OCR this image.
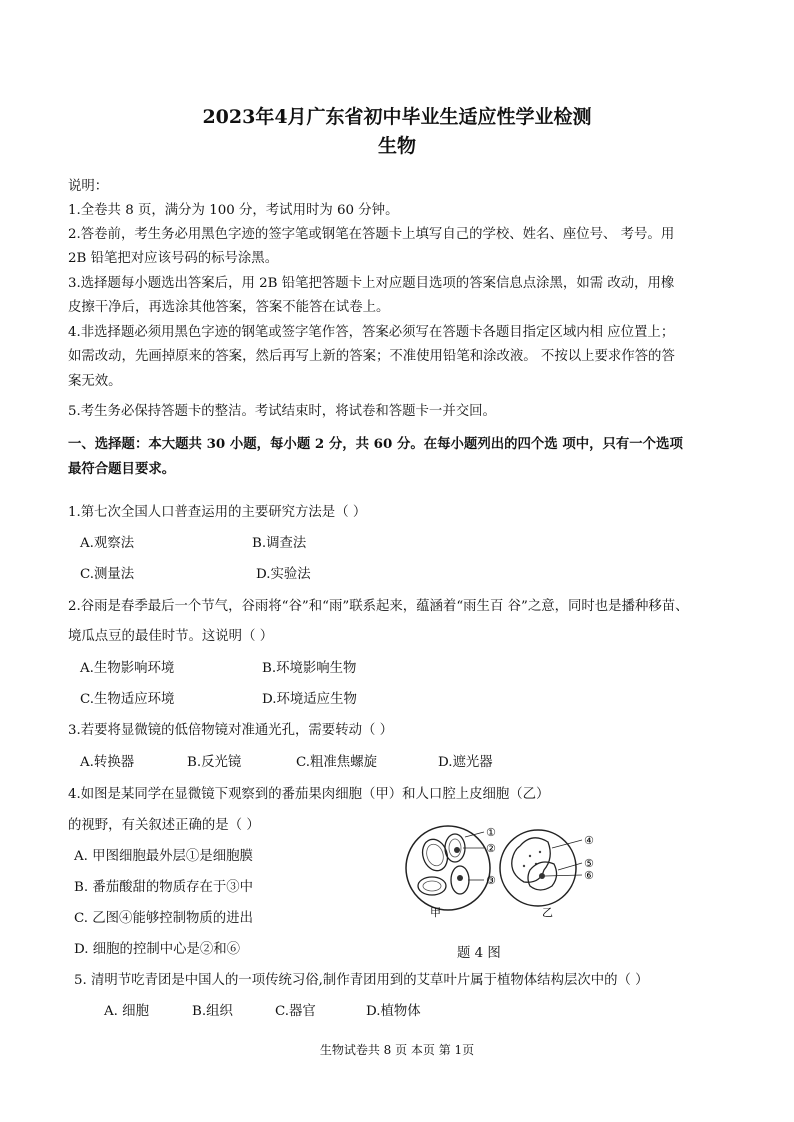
2023年4月广东省初中毕业生适应性学业检测
生物
说明：
1.全卷共 8 页，满分为 100 分，考试用时为 60 分钟。
2.答卷前，考生务必用黑色字迹的签字笔或钢笔在答题卡上填写自己的学校、姓名、座位号、 考号。用
2B 铅笔把对应该号码的标号涂黑。
3.选择题每小题选出答案后，用 2B 铅笔把答题卡上对应题目选项的答案信息点涂黑，如需 改动，用橡
皮擦干净后，再选涂其他答案，答案不能答在试卷上。
4.非选择题必须用黑色字迹的钢笔或签字笔作答，答案必须写在答题卡各题目指定区域内相 应位置上；
如需改动，先画掉原来的答案，然后再写上新的答案；不准使用铅笔和涂改液。 不按以上要求作答的答
案无效。
5.考生务必保持答题卡的整洁。考试结束时，将试卷和答题卡一并交回。
一、选择题：本大题共 30 小题，每小题 2 分，共 60 分。在每小题列出的四个选 项中，只有一个选项
最符合题目要求。
1.第七次全国人口普查运用的主要研究方法是（ ）
A.观察法	B.调查法
C.测量法	D.实验法
2.谷雨是春季最后一个节气，谷雨将“谷”和“雨”联系起来，蕴涵着“雨生百 谷”之意，同时也是播种移苗、
境瓜点豆的最佳时节。这说明（ ）
A.生物影响环境	B.环境影响生物
C.生物适应环境	D.环境适应生物
3.若要将显微镜的低倍物镜对准通光孔，需要转动（ ）
A.转换器	B.反光镜	C.粗准焦螺旋	D.遮光器
4.如图是某同学在显微镜下观察到的番茄果肉细胞（甲）和人口腔上皮细胞（乙）
的视野，有关叙述正确的是（ ）
A. 甲图细胞最外层①是细胞膜
B. 番茄酸甜的物质存在于③中
C. 乙图④能够控制物质的进出
D. 细胞的控制中心是②和⑥
①
②
③
④
⑤
⑥
甲	乙
题 4 图
5. 清明节吃青团是中国人的一项传统习俗,制作青团用到的艾草叶片属于植物体结构层次中的（ ）
A. 细胞	B.组织	C.器官	D.植物体
生物试卷共 8 页 本页 第 1页
